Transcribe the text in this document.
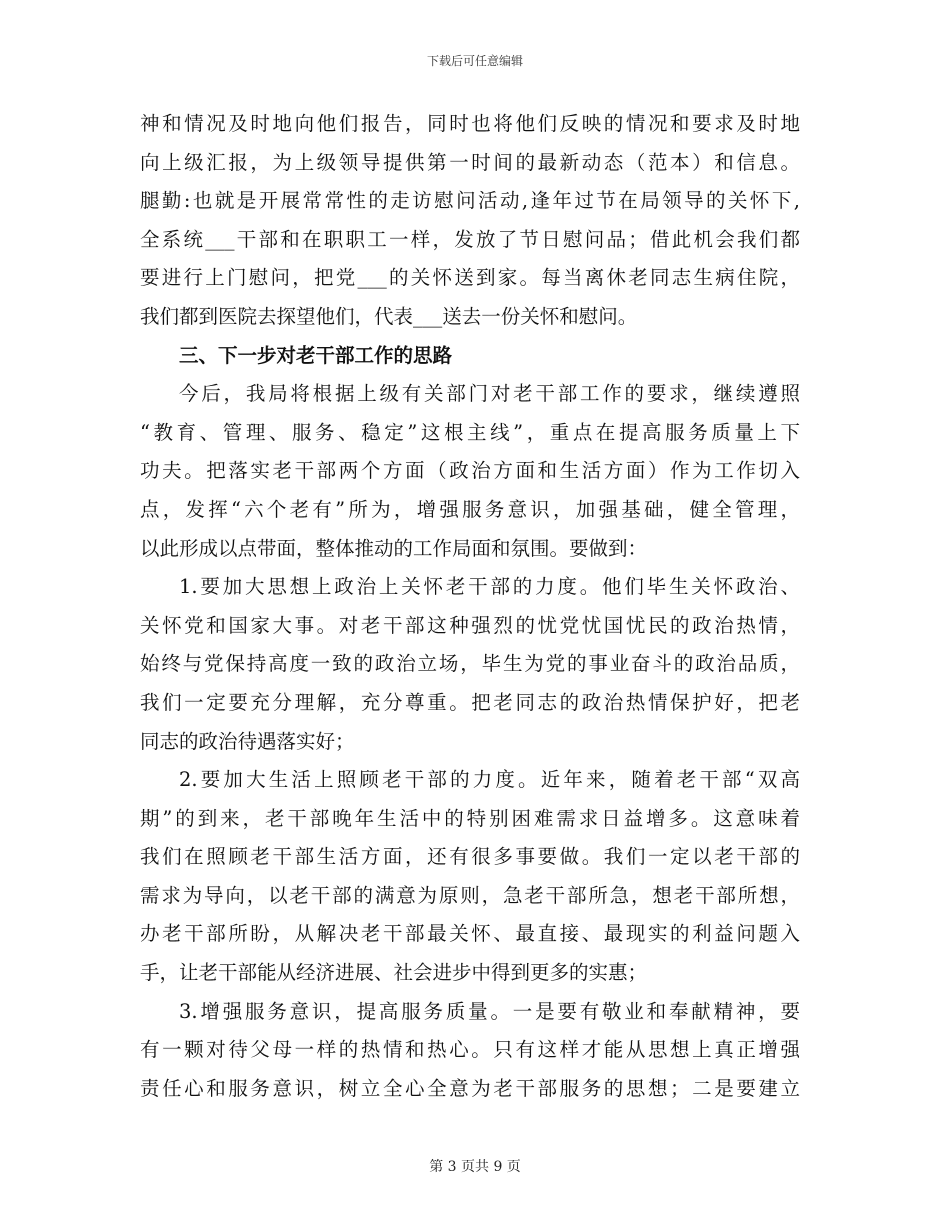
下载后可任意编辑
神和情况及时地向他们报告，同时也将他们反映的情况和要求及时地
向上级汇报，为上级领导提供第一时间的最新动态（范本）和信息。
腿勤:也就是开展常常性的走访慰问活动,逢年过节在局领导的关怀下,
全系统___干部和在职职工一样，发放了节日慰问品；借此机会我们都
要进行上门慰问，把党___的关怀送到家。每当离休老同志生病住院，
我们都到医院去探望他们，代表___送去一份关怀和慰问。
三、下一步对老干部工作的思路
今后，我局将根据上级有关部门对老干部工作的要求，继续遵照
“教育、管理、服务、稳定”这根主线”，重点在提高服务质量上下
功夫。把落实老干部两个方面（政治方面和生活方面）作为工作切入
点，发挥“六个老有”所为，增强服务意识，加强基础，健全管理，
以此形成以点带面，整体推动的工作局面和氛围。要做到：
1.要加大思想上政治上关怀老干部的力度。他们毕生关怀政治、
关怀党和国家大事。对老干部这种强烈的忧党忧国忧民的政治热情，
始终与党保持高度一致的政治立场，毕生为党的事业奋斗的政治品质，
我们一定要充分理解，充分尊重。把老同志的政治热情保护好，把老
同志的政治待遇落实好；
2.要加大生活上照顾老干部的力度。近年来，随着老干部“双高
期”的到来，老干部晚年生活中的特别困难需求日益增多。这意味着
我们在照顾老干部生活方面，还有很多事要做。我们一定以老干部的
需求为导向，以老干部的满意为原则，急老干部所急，想老干部所想，
办老干部所盼，从解决老干部最关怀、最直接、最现实的利益问题入
手，让老干部能从经济进展、社会进步中得到更多的实惠；
3.增强服务意识，提高服务质量。一是要有敬业和奉献精神，要
有一颗对待父母一样的热情和热心。只有这样才能从思想上真正增强
责任心和服务意识，树立全心全意为老干部服务的思想；二是要建立
第 3 页共 9 页
